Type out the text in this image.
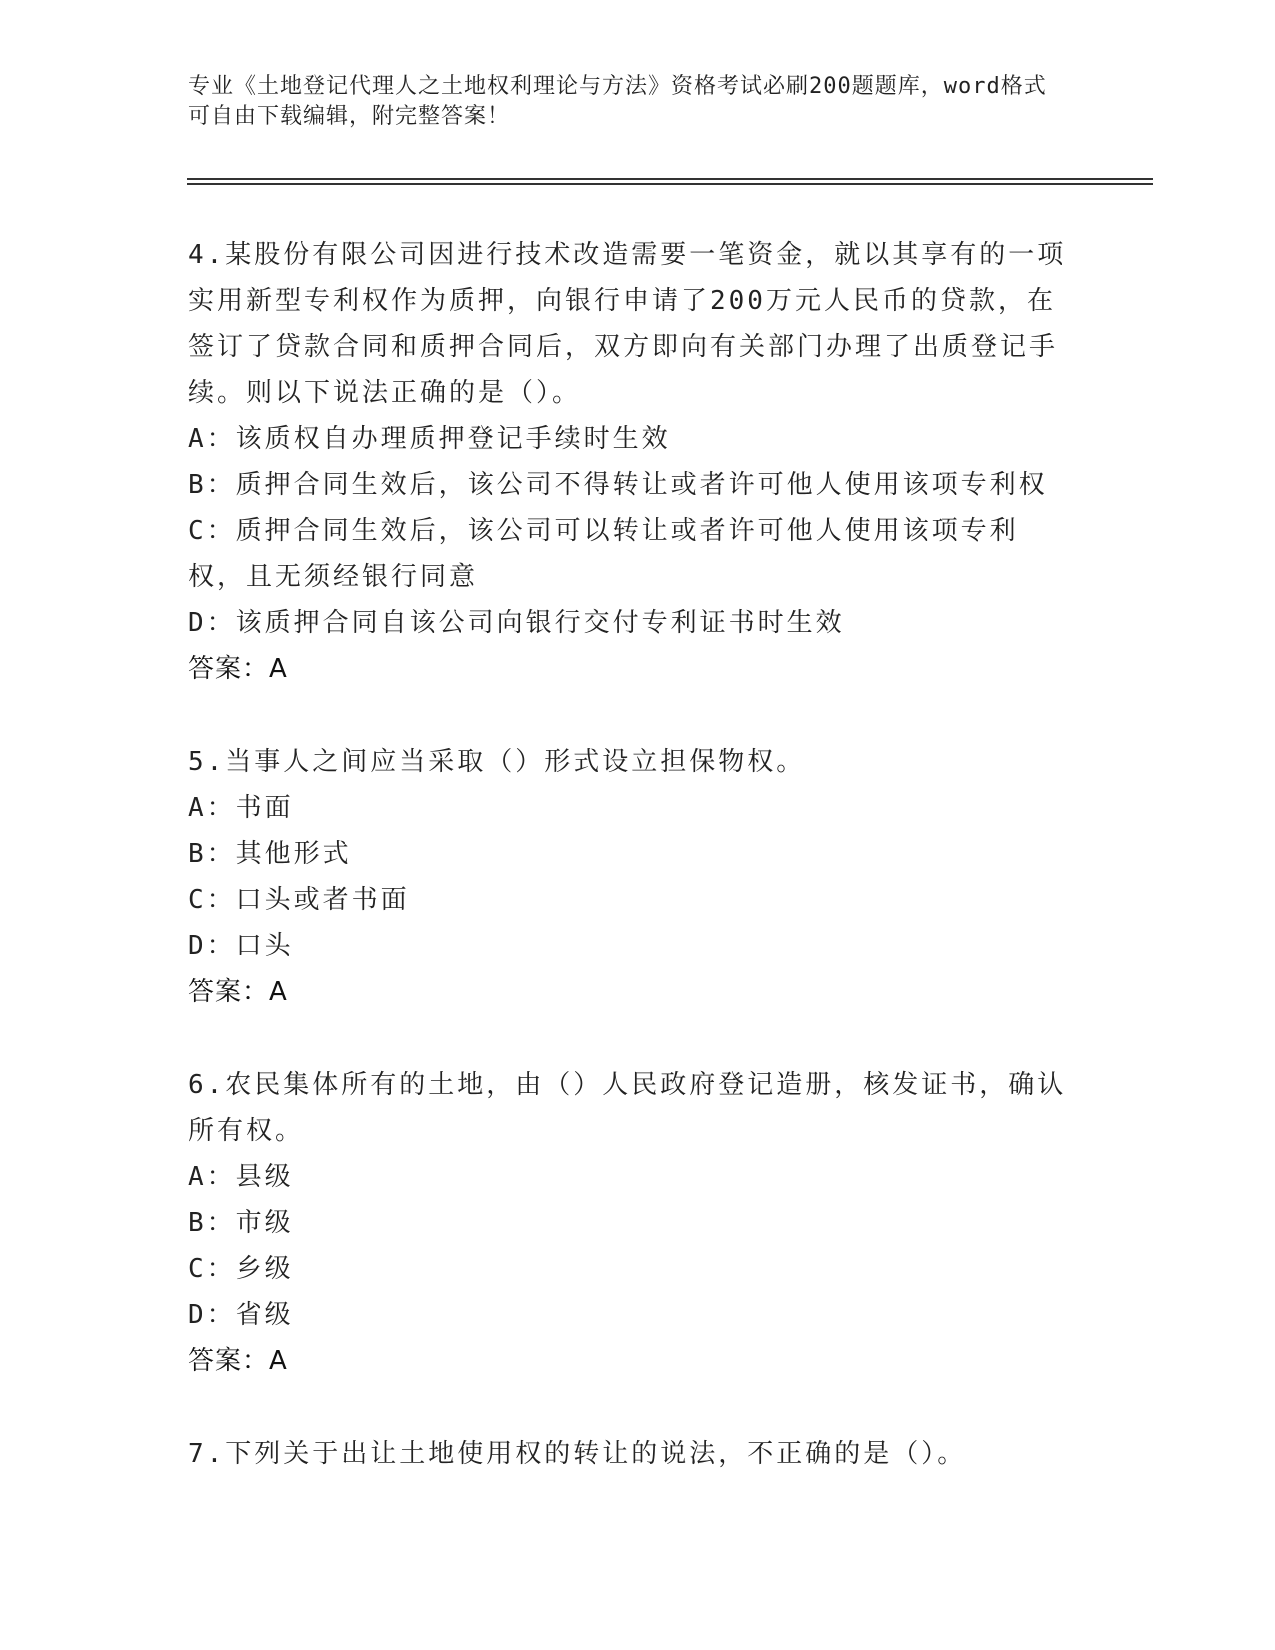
专业《土地登记代理人之土地权利理论与方法》资格考试必刷200题题库，word格式可自由下载编辑，附完整答案！
4.某股份有限公司因进行技术改造需要一笔资金，就以其享有的一项实用新型专利权作为质押，向银行申请了200万元人民币的贷款，在签订了贷款合同和质押合同后，双方即向有关部门办理了出质登记手续。则以下说法正确的是（）。
A：该质权自办理质押登记手续时生效
B：质押合同生效后，该公司不得转让或者许可他人使用该项专利权
C：质押合同生效后，该公司可以转让或者许可他人使用该项专利权，且无须经银行同意
D：该质押合同自该公司向银行交付专利证书时生效
答案：A
5.当事人之间应当采取（）形式设立担保物权。
A：书面
B：其他形式
C：口头或者书面
D：口头
答案：A
6.农民集体所有的土地，由（）人民政府登记造册，核发证书，确认所有权。
A：县级
B：市级
C：乡级
D：省级
答案：A
7.下列关于出让土地使用权的转让的说法，不正确的是（）。
